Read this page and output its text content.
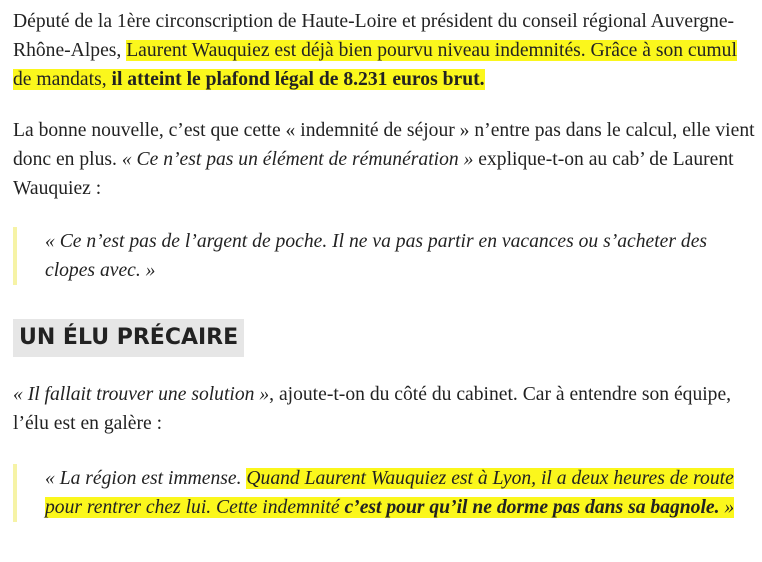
Député de la 1ère circonscription de Haute-Loire et président du conseil régional Auvergne-Rhône-Alpes, Laurent Wauquiez est déjà bien pourvu niveau indemnités. Grâce à son cumul de mandats, il atteint le plafond légal de 8.231 euros brut.

La bonne nouvelle, c’est que cette « indemnité de séjour » n’entre pas dans le calcul, elle vient donc en plus. « Ce n’est pas un élément de rémunération » explique-t-on au cab’ de Laurent Wauquiez :

« Ce n’est pas de l’argent de poche. Il ne va pas partir en vacances ou s’acheter des clopes avec. »

UN ÉLU PRÉCAIRE

« Il fallait trouver une solution », ajoute-t-on du côté du cabinet. Car à entendre son équipe, l’élu est en galère :

« La région est immense. Quand Laurent Wauquiez est à Lyon, il a deux heures de route pour rentrer chez lui. Cette indemnité c’est pour qu’il ne dorme pas dans sa bagnole. »
